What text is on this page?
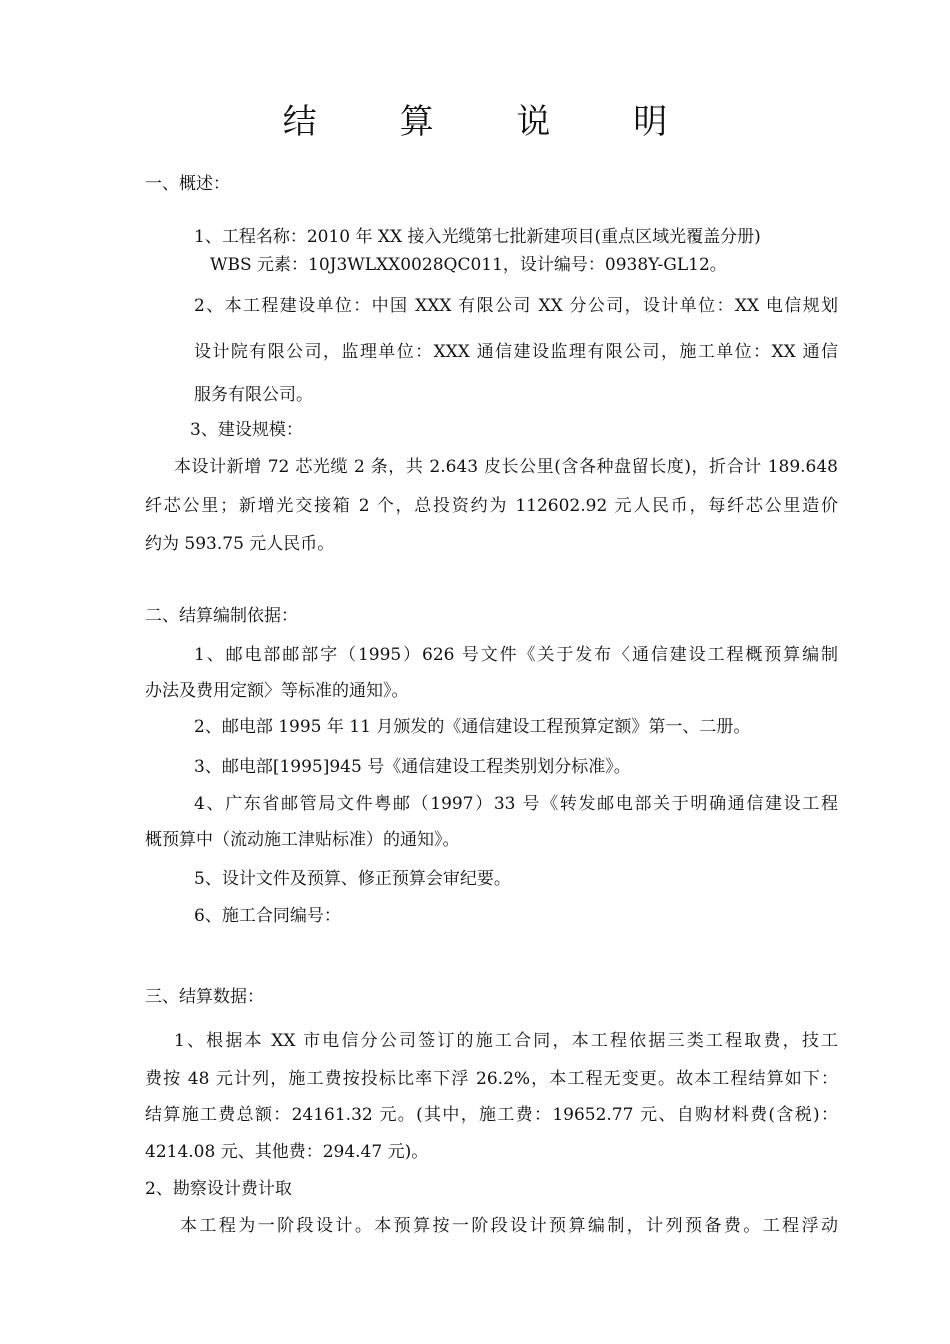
结 算 说 明
一、概述：
1、工程名称：2010 年 XX 接入光缆第七批新建项目(重点区域光覆盖分册)
WBS 元素：10J3WLXX0028QC011，设计编号：0938Y-GL12。
2、本工程建设单位：中国 XXX 有限公司 XX 分公司，设计单位：XX 电信规划
设计院有限公司，监理单位：XXX 通信建设监理有限公司，施工单位：XX 通信
服务有限公司。
3、建设规模：
本设计新增 72 芯光缆 2 条，共 2.643 皮长公里(含各种盘留长度)，折合计 189.648
纤芯公里；新增光交接箱 2 个，总投资约为 112602.92 元人民币，每纤芯公里造价
约为 593.75 元人民币。
二、结算编制依据：
1、邮电部邮部字（1995）626 号文件《关于发布〈通信建设工程概预算编制
办法及费用定额〉等标准的通知》。
2、邮电部 1995 年 11 月颁发的《通信建设工程预算定额》第一、二册。
3、邮电部[1995]945 号《通信建设工程类别划分标准》。
4、广东省邮管局文件粤邮（1997）33 号《转发邮电部关于明确通信建设工程
概预算中（流动施工津贴标准）的通知》。
5、设计文件及预算、修正预算会审纪要。
6、施工合同编号：
三、结算数据：
1、根据本 XX 市电信分公司签订的施工合同，本工程依据三类工程取费，技工
费按 48 元计列，施工费按投标比率下浮 26.2%，本工程无变更。故本工程结算如下：
结算施工费总额：24161.32 元。(其中，施工费：19652.77 元、自购材料费(含税)：
4214.08 元、其他费：294.47 元)。
2、勘察设计费计取
本工程为一阶段设计。本预算按一阶段设计预算编制，计列预备费。工程浮动
